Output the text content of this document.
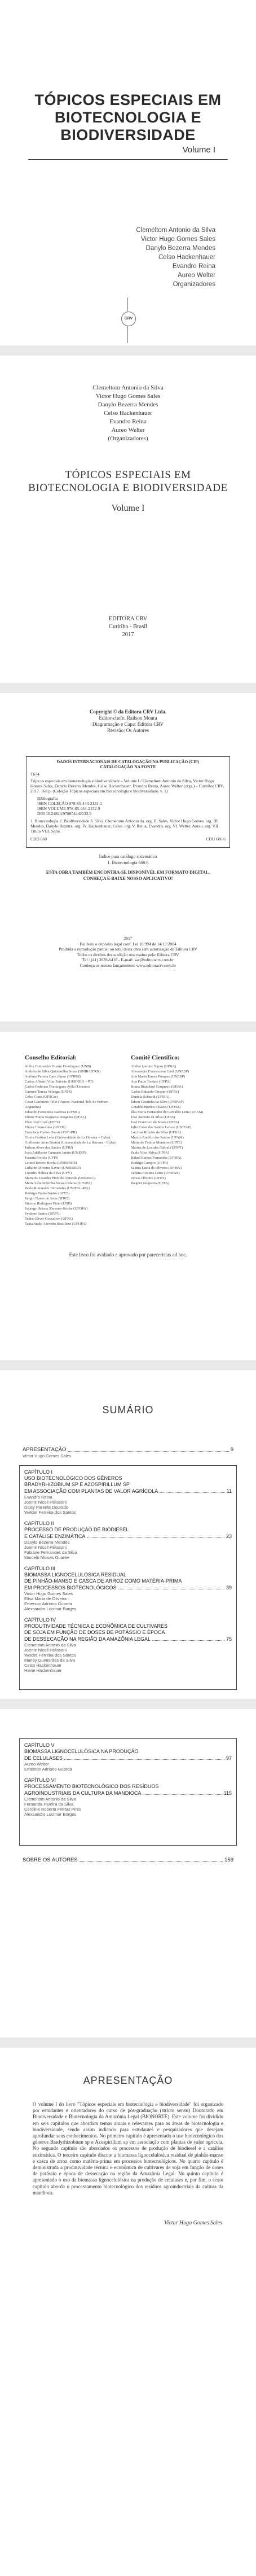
TÓPICOS ESPECIAIS EM
BIOTECNOLOGIA E
BIODIVERSIDADE
Volume I
Cleméltom Antonio da Silva
Victor Hugo Gomes Sales
Danylo Bezerra Mendes
Celso Hackenhauer
Evandro Reina
Aureo Welter
Organizadores
CRV
Clemeltom Antonio da Silva
Victor Hugo Gomes Sales
Danylo Bezerra Mendes
Celso Hackenhauer
Evandro Reina
Aureo Welter
(Organizadores)
TÓPICOS ESPECIAIS EM
BIOTECNOLOGIA E BIODIVERSIDADE
Volume I
EDITORA CRV
Curitiba - Brasil
2017
Copyright © da Editora CRV Ltda.
Editor-chefe: Railson Moura
Diagramação e Capa: Editora CRV
Revisão: Os Autores
DADOS INTERNACIONAIS DE CATALOGAÇÃO NA PUBLICAÇÃO (CIP)
CATALOGAÇÃO NA FONTE
T674
Tópicos especiais em biotecnologia e biodiversidade – Volume I / Clemeltom Antonio da Silva, Victor Hugo Gomes Sales, Danylo Bezerra Mendes, Celso Hackenhauer, Evandro Reina, Aureo Welter (orgs.) – Curitiba: CRV, 2017. 168 p. (Coleção Tópicos especiais em biotecnologia e biodiversidade, v. 1)
Bibliografia
ISBN COLEÇÃO 978-85-444-2131-2
ISBN VOLUME 978-85-444-2132-9
DOI 10.24824/978854442132.9
1. Biotecnologia 2. Biodiversidade 3. Silva, Clemeltom Antonio da. org. II. Sales, Victor Hugo Gomes. org. III. Mendes, Danylo Bezerra. org. IV. Hackenhauer, Celso. org. V. Reina, Evandro. org. VI. Welter, Aureo. org. VII. Título VIII. Série.
CDD 660	CDU 606.6
Índice para catálogo sistemático
1. Biotecnologia 660.6
ESTA OBRA TAMBÉM ENCONTRA-SE DISPONÍVEL EM FORMATO DIGITAL.
CONHEÇA E BAIXE NOSSO APLICATIVO!
2017
Foi feito o depósito legal conf. Lei 10.994 de 14/12/2004
Proibida a reprodução parcial ou total desta obra sem autorização da Editora CRV
Todos os direitos desta edição reservados pela: Editora CRV
Tel.: (41) 3039-6418 - E-mail: sac@editoracrv.com.br
Conheça os nossos lançamentos: www.editoracrv.com.br
Conselho Editorial:
Aldira Guimarães Duarte Domínguez (UNB)
Andréia da Silva Quintanilha Sousa (UNIR/UFRN)
Antônio Pereira Gaio Júnior (UFRRJ)
Carlos Alberto Vilar Estêvão (UMINHO – PT)
Carlos Federico Dominguez Avila (Unieuro)
Carmen Tereza Velanga (UNIR)
Celso Conti (UFSCar)
Cesar Gerónimo Tello (Univer. Nacional Três de Febrero – Argentina)
Eduardo Fernandes Barbosa (UFMG)
Elione Maria Nogueira Diogenes (UFAL)
Élsio José Corá (UFFS)
Elizeu Clementino (UNEB)
Francisco Carlos Duarte (PUC-PR)
Gloria Fariñas León (Universidade de La Havana – Cuba)
Guillermo Arias Beatón (Universidade de La Havana – Cuba)
Jailson Alves dos Santos (UFRJ)
João Adalberto Campato Junior (UNESP)
Josania Portela (UFPI)
Leonel Severo Rocha (UNISINOS)
Lídia de Oliveira Xavier (UNIEURO)
Lourdes Helena da Silva (UFV)
Maria de Lourdes Pinto de Almeida (UNOESC)
Maria Lília Imbiriba Sousa Colares (UFOPA)
Paulo Romualdo Hernandes (UNIFAL-MG)
Rodrigo Pratte-Santos (UFES)
Sérgio Nunes de Jesus (IFRO)
Simone Rodrigues Pinto (UNB)
Solange Helena Ximenes-Rocha (UFOPA)
Sydione Santos (UEPG)
Tadeu Oliver Gonçalves (UFPA)
Tania Suely Azevedo Brasileiro (UFOPA)
Comitê Científico:
Abdou Lamine Ngom (UFRA)
Alessandra Francesconi Gatti (UNESP)
Ana Maria Tereza Pompeo (UNESP)
Ana Paula Tordato (UFPA)
Bruna Bianchini Cerqueira (UEPA)
Carlos Eduardo Crispim (UFPA)
Daniela Schmidt (UFMA)
Edson Coutinho da Silva (UNIFAP)
Geraldo Martins Chaves (UFMA)
Ilka Maria Fernandes de Carvalho Lima (UFAM)
José Antonio da Silva (UFPA)
José Francisco de Souza (UFPA)
Julio Cesar dos Santos Lemos (UNIFAP)
Lucimar Ribeiro da Silva (UFRA)
Marcio Aurélio dos Santos (UFAM)
Maria de Fátima Monteiro (UFPE)
Marina de Lourdes Cabral (UFMT)
Paulo Vitor Paiva (UFPA)
Rafael Ramos Fernandes (UFMA)
Rodrigo Campos (UFPA)
Sandra Lúcia de Oliveira (UFMA)
Tatiana Cristina Leme (UNIFAP)
Teresa Oliveira (UFPA)
Wagner Nogueira (UFPA)
Este livro foi avaliado e aprovado por pareceristas ad hoc.
SUMÁRIO
APRESENTAÇÃO	9
Victor Hugo Gomes Sales
CAPÍTULO I
USO BIOTECNOLÓGICO DOS GÊNEROS
BRADYRHIZOBIUM SP E AZOSPIRILLUM SP
EM ASSOCIAÇÃO COM PLANTAS DE VALOR AGRÍCOLA	11
Evandro Reina
Joemir Nicoll Pelissoni
Daisy Parente Dourado
Welder Ferreira dos Santos
CAPÍTULO II
PROCESSO DE PRODUÇÃO DE BIODIESEL
E CATÁLISE ENZIMÁTICA	23
Danylo Bezerra Mendes
Joemir Nicoll Pelissoni
Fabiane Fernandes da Silva
Marcelo Moisés Ouante
CAPÍTULO III
BIOMASSA LIGNOCELULÓSICA RESIDUAL
DE PINHÃO-MANSO E CASCA DE ARROZ COMO MATÉRIA-PRIMA
EM PROCESSOS BIOTECNOLÓGICOS	39
Victor Hugo Gomes Sales
Elisa Maria de Oliveira
Emerson Adriano Guarda
Alexsandro Lucimar Borges
CAPÍTULO IV
PRODUTIVIDADE TÉCNICA E ECONÔMICA DE CULTIVARES
DE SOJA EM FUNÇÃO DE DOSES DE POTÁSSIO E ÉPOCA
DE DESSECAÇÃO NA REGIÃO DA AMAZÔNIA LEGAL	75
Clemeltom Antonio da Silva
Joemir Nicoll Pelissoni
Welder Ferreira dos Santos
Marley Guimarães da Silva
Celso Hackenhauer
Hiene Hackenhauer
CAPÍTULO V
BIOMASSA LIGNOCELULÓSICA NA PRODUÇÃO
DE CELULASES	97
Aureo Welter
Emerson Adriano Guarda
CAPÍTULO VI
PROCESSAMENTO BIOTECNOLÓGICO DOS RESÍDUOS
AGROINDUSTRIAIS DA CULTURA DA MANDIOCA	115
Clemeltom Antonio da Silva
Fernanda Pereira da Silva
Caroline Roberta Freitas Pires
Alexsandro Lucimar Borges
SOBRE OS AUTORES	159
APRESENTAÇÃO
O volume I do livro "Tópicos especiais em biotecnologia e biodiversidade" foi organizado por estudantes e orientadores do curso de pós-graduação (stricto sensu) Doutorado em Biodiversidade e Biotecnologia da Amazônia Legal (BIONORTE). Este volume foi dividido em seis capítulos que abordam temas atuais e relevantes para as áreas de biotecnologia e biodiversidade, sendo assim indicado para estudantes e pesquisadores que desejam aprofundar seus conhecimentos. No primeiro capítulo é apresentado o uso biotecnológico dos gêneros Bradyrhizobium sp e Azospirillum sp em associação com plantas de valor agrícola. No segundo capítulo são abordados os processos de produção de biodiesel e a catálise enzimática. O terceiro capítulo discute a biomassa lignocelulósica residual de pinhão-manso e casca de arroz como matéria-prima em processos biotecnológicos. No quarto capítulo é demonstrada a produtividade técnica e econômica de cultivares de soja em função de doses de potássio e época de dessecação na região da Amazônia Legal. No quinto capítulo é apresentado o uso da biomassa lignocelulósica na produção de celulases e, por fim, o sexto capítulo aborda o processamento biotecnológico dos resíduos agroindustriais da cultura da mandioca.
Victor Hugo Gomes Sales
